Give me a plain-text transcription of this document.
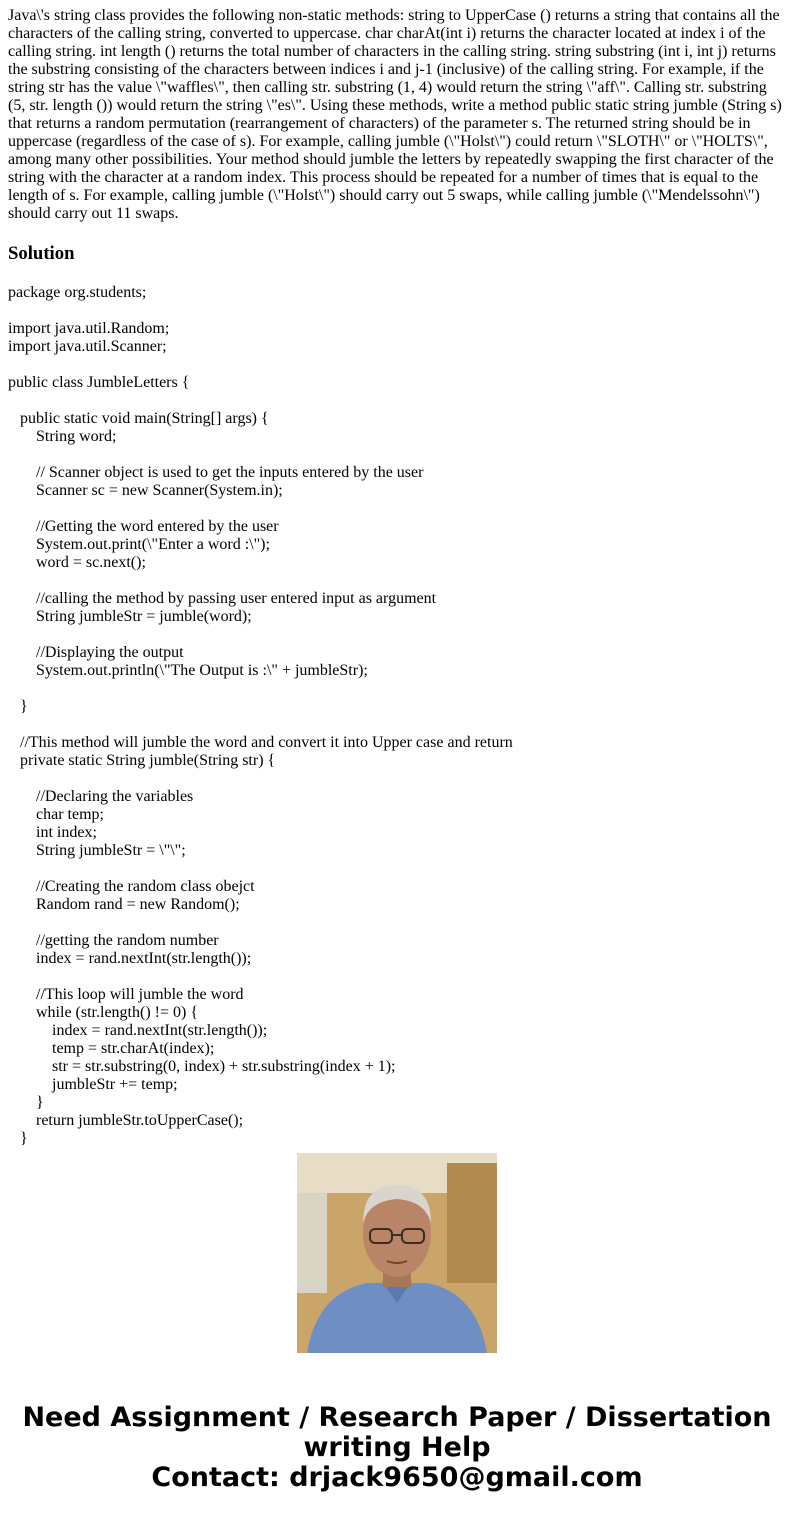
Java\'s string class provides the following non-static methods: string to UpperCase () returns a string that contains all the characters of the calling string, converted to uppercase. char charAt(int i) returns the character located at index i of the calling string. int length () returns the total number of characters in the calling string. string substring (int i, int j) returns the substring consisting of the characters between indices i and j-1 (inclusive) of the calling string. For example, if the string str has the value \"waffles\", then calling str. substring (1, 4) would return the string \"aff\". Calling str. substring (5, str. length ()) would return the string \"es\". Using these methods, write a method public static string jumble (String s) that returns a random permutation (rearrangement of characters) of the parameter s. The returned string should be in uppercase (regardless of the case of s). For example, calling jumble (\"Holst\") could return \"SLOTH\" or \"HOLTS\", among many other possibilities. Your method should jumble the letters by repeatedly swapping the first character of the string with the character at a random index. This process should be repeated for a number of times that is equal to the length of s. For example, calling jumble (\"Holst\") should carry out 5 swaps, while calling jumble (\"Mendelssohn\") should carry out 11 swaps.

Solution
package org.students;
import java.util.Random;
import java.util.Scanner;
public class JumbleLetters {
public static void main(String[] args) {
String word;
// Scanner object is used to get the inputs entered by the user
Scanner sc = new Scanner(System.in);
//Getting the word entered by the user
System.out.print(\"Enter a word :\");
word = sc.next();
//calling the method by passing user entered input as argument
String jumbleStr = jumble(word);
//Displaying the output
System.out.println(\"The Output is :\" + jumbleStr);
}
//This method will jumble the word and convert it into Upper case and return
private static String jumble(String str) {
//Declaring the variables
char temp;
int index;
String jumbleStr = \"\";
//Creating the random class obejct
Random rand = new Random();
//getting the random number
index = rand.nextInt(str.length());
//This loop will jumble the word
while (str.length() != 0) {
index = rand.nextInt(str.length());
temp = str.charAt(index);
str = str.substring(0, index) + str.substring(index + 1);
jumbleStr += temp;
}
return jumbleStr.toUpperCase();
}
Need Assignment / Research Paper / Dissertation
writing Help
Contact: drjack9650@gmail.com
